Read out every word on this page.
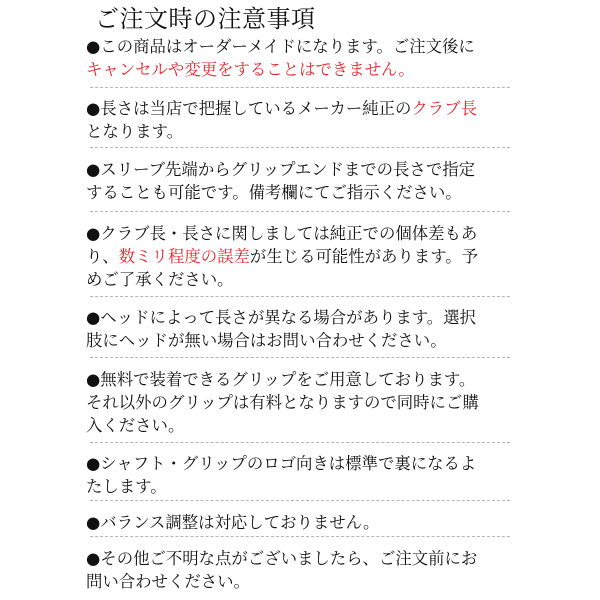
ご注文時の注意事項
●この商品はオーダーメイドになります。ご注文後に
キャンセルや変更をすることはできません。
●長さは当店で把握しているメーカー純正のクラブ長
となります。
●スリーブ先端からグリップエンドまでの長さで指定
することも可能です。備考欄にてご指示ください。
●クラブ長・長さに関しましては純正での個体差もあ
り、数ミリ程度の誤差が生じる可能性があります。予
めご了承ください。
●ヘッドによって長さが異なる場合があります。選択
肢にヘッドが無い場合はお問い合わせください。
●無料で装着できるグリップをご用意しております。
それ以外のグリップは有料となりますので同時にご購
入ください。
●シャフト・グリップのロゴ向きは標準で裏になるよ
たします。
●バランス調整は対応しておりません。
●その他ご不明な点がございましたら、ご注文前にお
問い合わせください。
